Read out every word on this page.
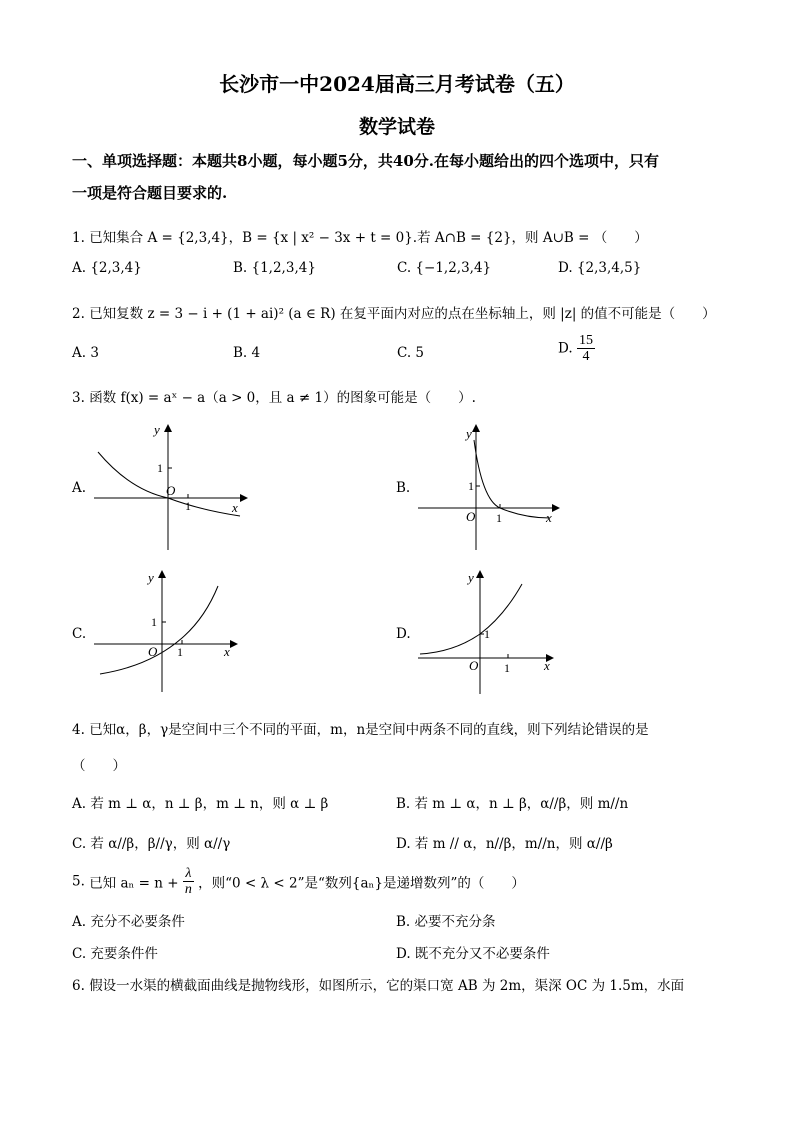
长沙市一中2024届高三月考试卷（五）
数学试卷
一、单项选择题：本题共8小题，每小题5分，共40分.在每小题给出的四个选项中，只有
一项是符合题目要求的.
1. 已知集合 A = {2,3,4}，B = {x | x² − 3x + t = 0}.若 A∩B = {2}，则 A∪B = （　　）
A. {2,3,4}	B. {1,2,3,4}	C. {−1,2,3,4}	D. {2,3,4,5}
2. 已知复数 z = 3 − i + (1 + ai)² (a ∈ R) 在复平面内对应的点在坐标轴上，则 |z| 的值不可能是（　　）
A. 3	B. 4	C. 5	D. $\frac{15}{4}$
3. 函数 f(x) = aˣ − a（a > 0，且 a ≠ 1）的图象可能是（　　）.
A.	B.
C.	D.
y
x
O
1
1
y
x
O
1
1
y
x
O
1
1
y
x
O
1
1
4. 已知α，β，γ是空间中三个不同的平面，m，n是空间中两条不同的直线，则下列结论错误的是
（　　）
A. 若 m ⊥ α，n ⊥ β，m ⊥ n，则 α ⊥ β	B. 若 m ⊥ α，n ⊥ β，α//β，则 m//n
C. 若 α//β，β//γ，则 α//γ	D. 若 m // α，n//β，m//n，则 α//β
5. 已知 $a_n = n + \frac{\lambda}{n}$ ，则“0 < λ < 2”是“数列{aₙ}是递增数列”的（　　）
A. 充分不必要条件	B. 必要不充分条
C. 充要条件件	D. 既不充分又不必要条件
6. 假设一水渠的横截面曲线是抛物线形，如图所示，它的渠口宽 AB 为 2m，渠深 OC 为 1.5m，水面
